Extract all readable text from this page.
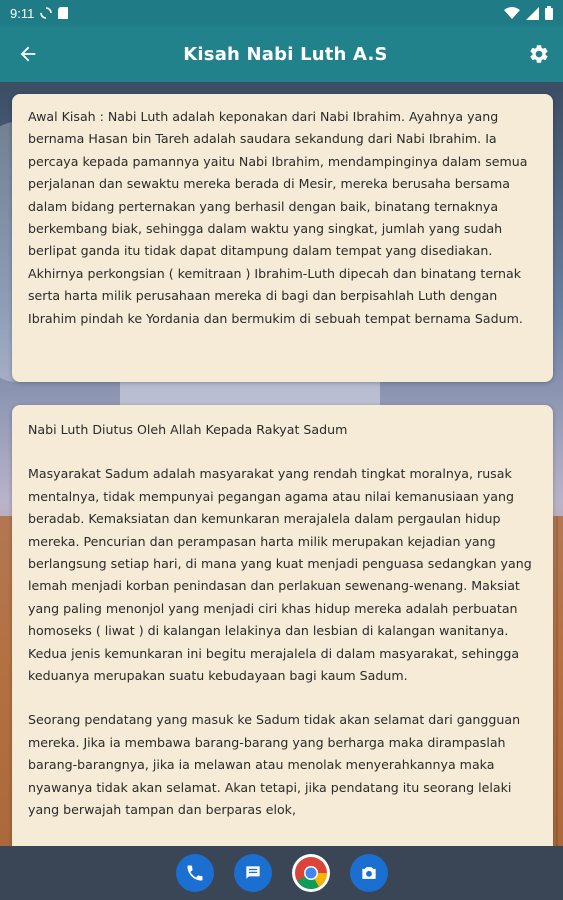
9:11
Kisah Nabi Luth A.S

Awal Kisah : Nabi Luth adalah keponakan dari Nabi Ibrahim. Ayahnya yang bernama Hasan bin Tareh adalah saudara sekandung dari Nabi Ibrahim. Ia percaya kepada pamannya yaitu Nabi Ibrahim, mendampinginya dalam semua perjalanan dan sewaktu mereka berada di Mesir, mereka berusaha bersama dalam bidang perternakan yang berhasil dengan baik, binatang ternaknya berkembang biak, sehingga dalam waktu yang singkat, jumlah yang sudah berlipat ganda itu tidak dapat ditampung dalam tempat yang disediakan. Akhirnya perkongsian ( kemitraan ) Ibrahim-Luth dipecah dan binatang ternak serta harta milik perusahaan mereka di bagi dan berpisahlah Luth dengan Ibrahim pindah ke Yordania dan bermukim di sebuah tempat bernama Sadum.

Nabi Luth Diutus Oleh Allah Kepada Rakyat Sadum

Masyarakat Sadum adalah masyarakat yang rendah tingkat moralnya, rusak mentalnya, tidak mempunyai pegangan agama atau nilai kemanusiaan yang beradab. Kemaksiatan dan kemunkaran merajalela dalam pergaulan hidup mereka. Pencurian dan perampasan harta milik merupakan kejadian yang berlangsung setiap hari, di mana yang kuat menjadi penguasa sedangkan yang lemah menjadi korban penindasan dan perlakuan sewenang-wenang. Maksiat yang paling menonjol yang menjadi ciri khas hidup mereka adalah perbuatan homoseks ( liwat ) di kalangan lelakinya dan lesbian di kalangan wanitanya. Kedua jenis kemunkaran ini begitu merajalela di dalam masyarakat, sehingga keduanya merupakan suatu kebudayaan bagi kaum Sadum.

Seorang pendatang yang masuk ke Sadum tidak akan selamat dari gangguan mereka. Jika ia membawa barang-barang yang berharga maka dirampaslah barang-barangnya, jika ia melawan atau menolak menyerahkannya maka nyawanya tidak akan selamat. Akan tetapi, jika pendatang itu seorang lelaki yang berwajah tampan dan berparas elok,
